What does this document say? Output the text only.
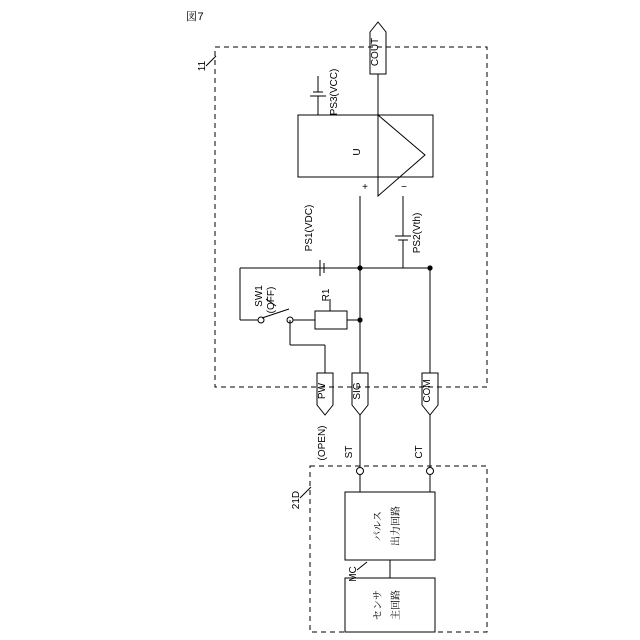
図7
11
21D
COUT
PS3(VCC)
U
+	−
PS1(VDC)	PS2(Vth)
SW1 (OFF)	R1
PW SIG	COM
(OPEN) ST	CT
MC
パルス 出力回路
センサ 主回路
